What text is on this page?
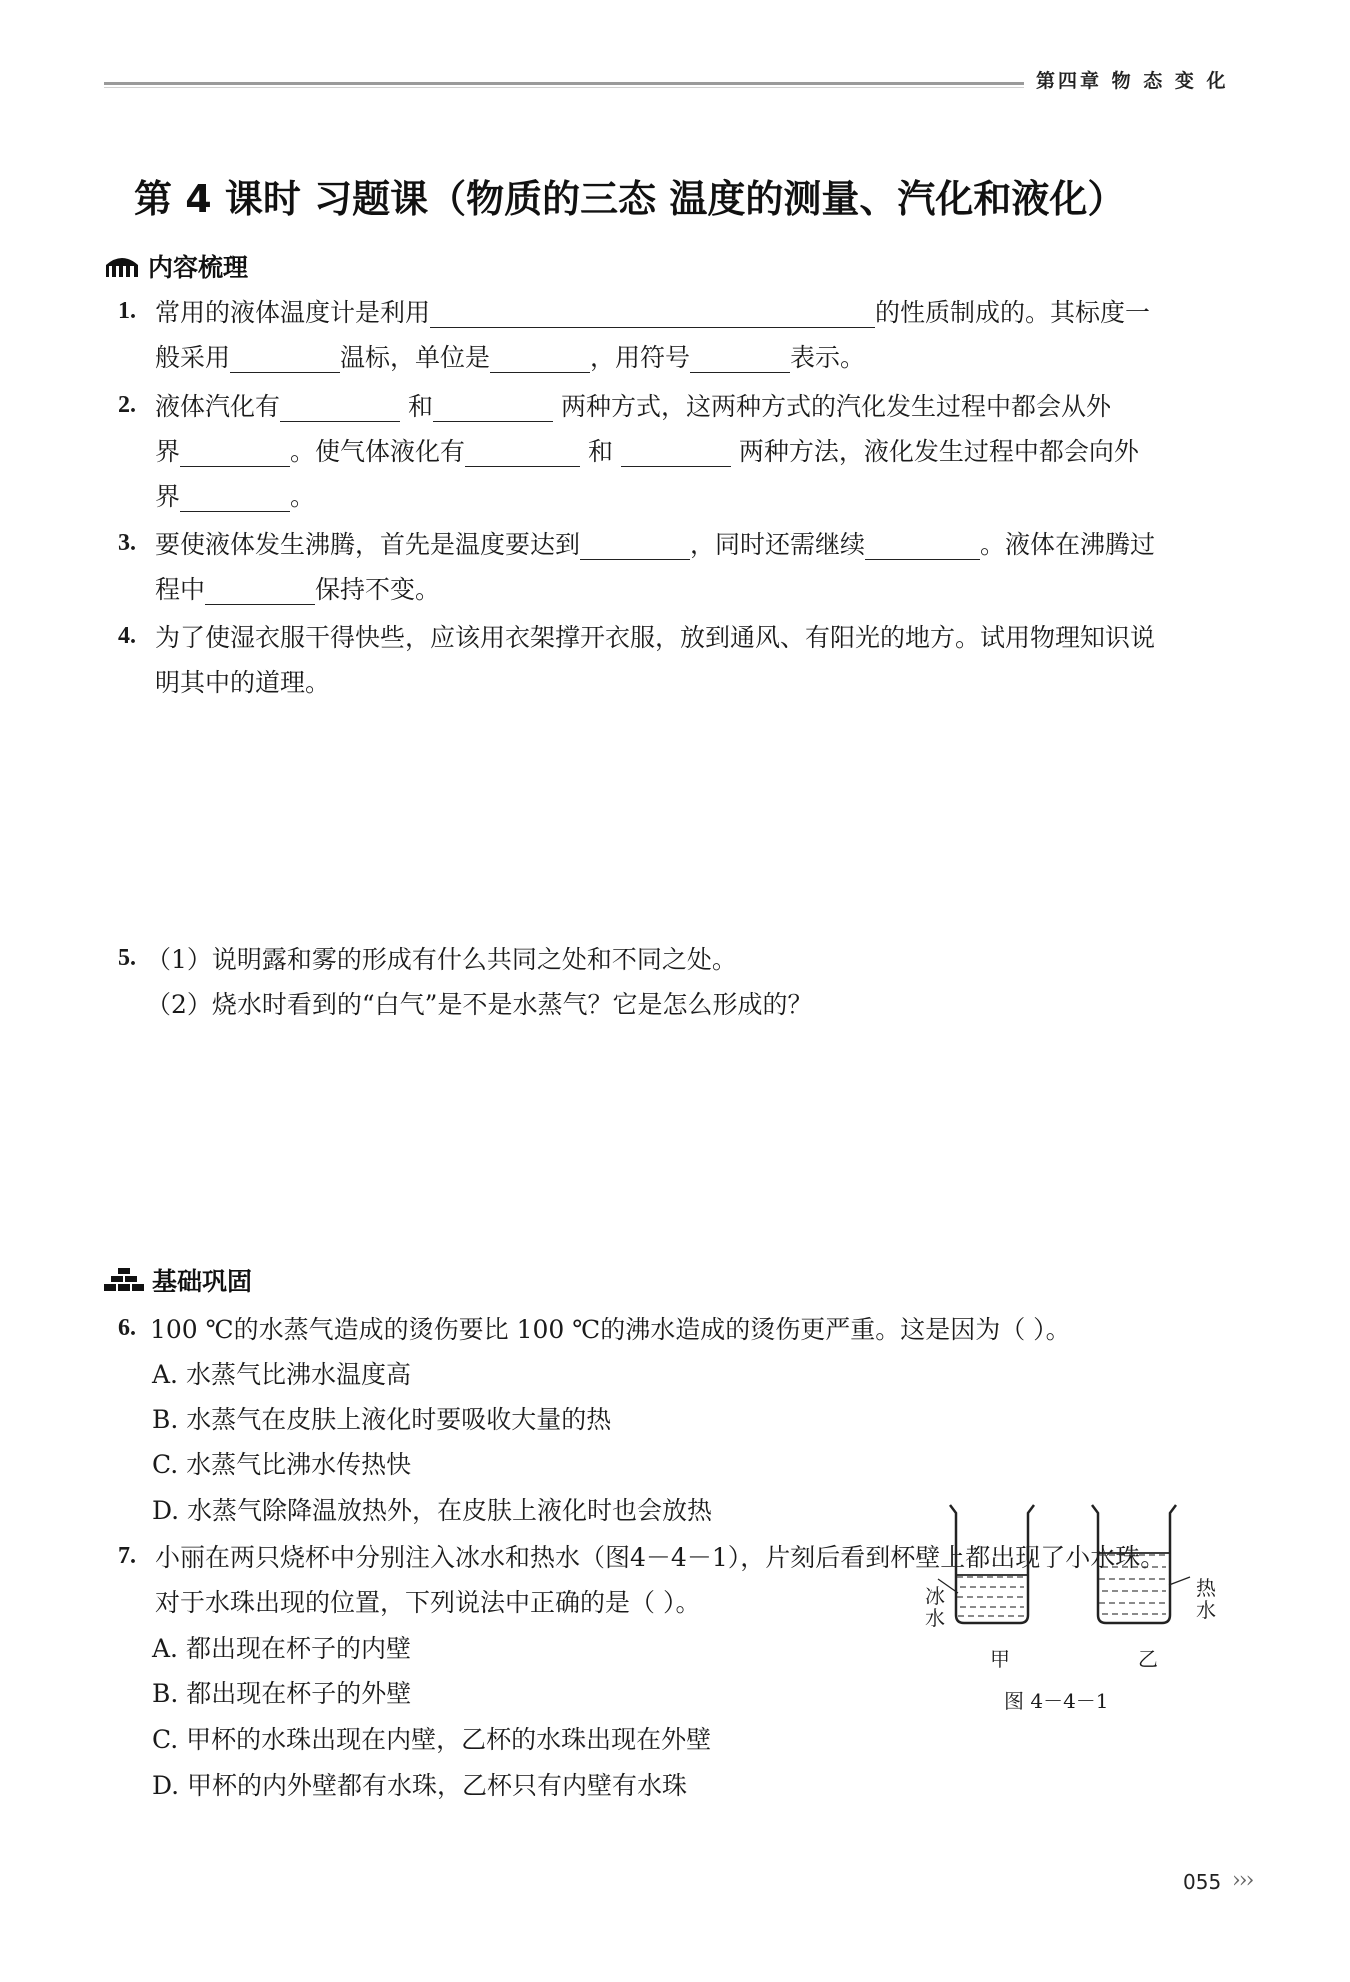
第四章 物 态 变 化
第 4 课时 习题课（物质的三态 温度的测量、汽化和液化）
内容梳理
1. 常用的液体温度计是利用	的性质制成的。其标度一
般采用	温标，单位是	，用符号	表示。
2. 液体汽化有	和	两种方式，这两种方式的汽化发生过程中都会从外
界	。使气体液化有	和	两种方法，液化发生过程中都会向外
界	。
3. 要使液体发生沸腾，首先是温度要达到	，同时还需继续	。液体在沸腾过
程中	保持不变。
4. 为了使湿衣服干得快些，应该用衣架撑开衣服，放到通风、有阳光的地方。试用物理知识说
明其中的道理。
5. （1）说明露和雾的形成有什么共同之处和不同之处。
（2）烧水时看到的“白气”是不是水蒸气？它是怎么形成的？
基础巩固
6. 100 ℃的水蒸气造成的烫伤要比 100 ℃的沸水造成的烫伤更严重。这是因为（ ）。
A. 水蒸气比沸水温度高
B. 水蒸气在皮肤上液化时要吸收大量的热
C. 水蒸气比沸水传热快
D. 水蒸气除降温放热外，在皮肤上液化时也会放热
7. 小丽在两只烧杯中分别注入冰水和热水（图4－4－1），片刻后看到杯壁上都出现了小水珠。
对于水珠出现的位置，下列说法中正确的是（ ）。
A. 都出现在杯子的内壁
B. 都出现在杯子的外壁
C. 甲杯的水珠出现在内壁，乙杯的水珠出现在外壁
D. 甲杯的内外壁都有水珠，乙杯只有内壁有水珠
冰
水
热
水
甲	乙
图 4－4－1
055 ›››
